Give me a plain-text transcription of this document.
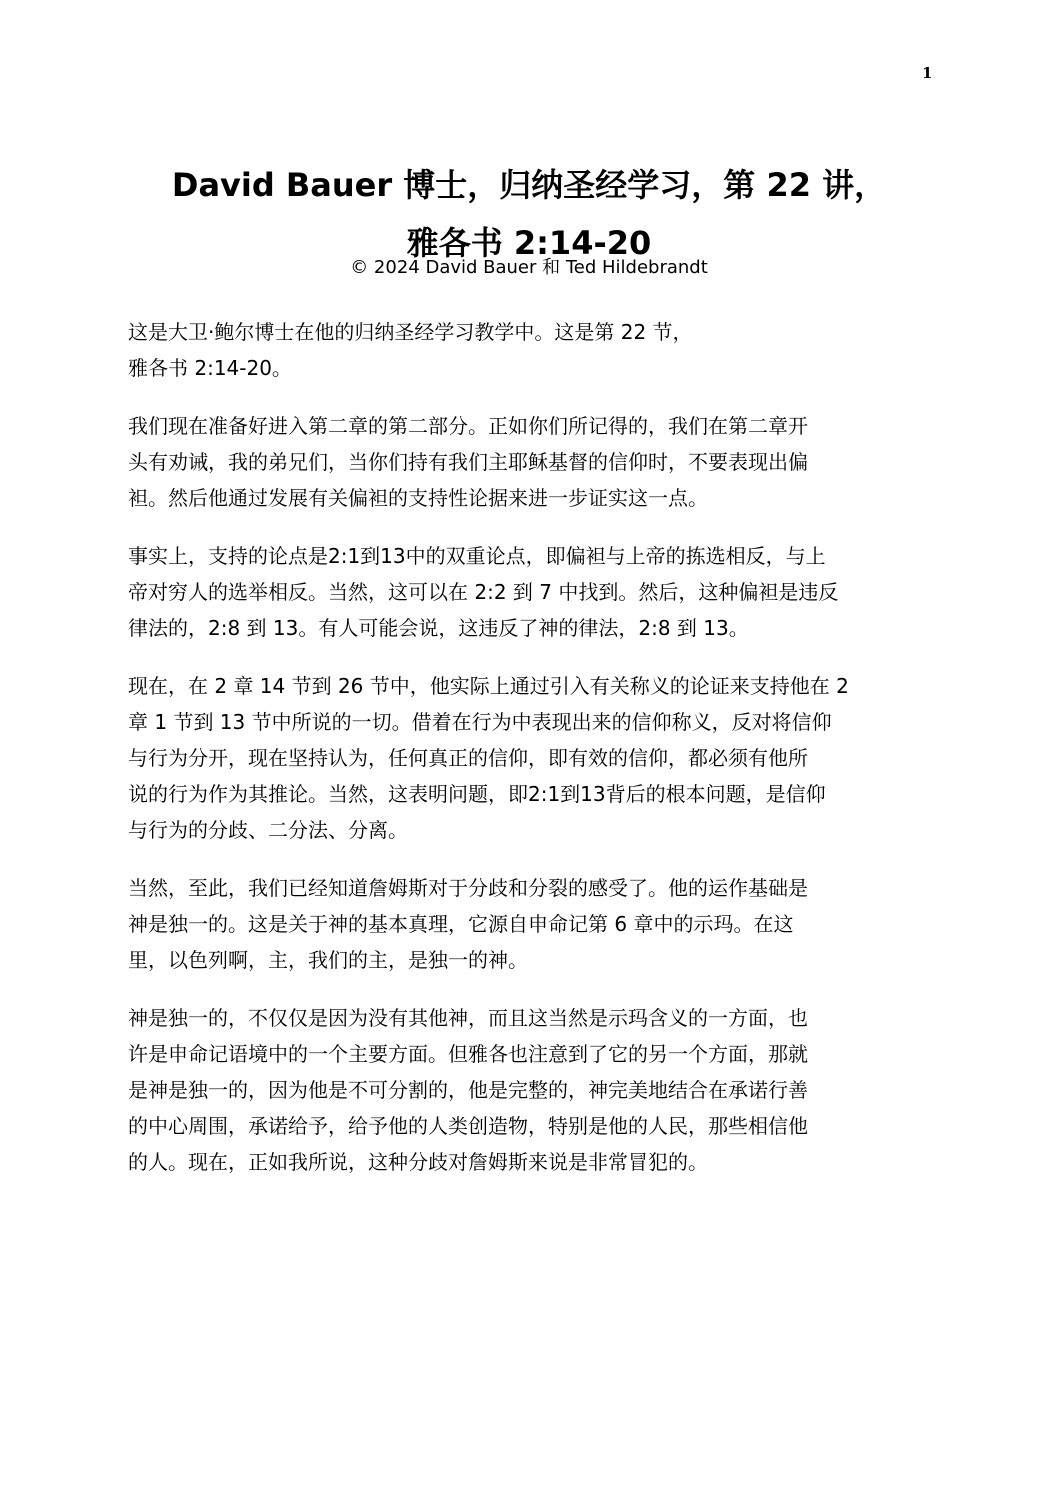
1
David Bauer 博士，归纳圣经学习，第 22 讲，
雅各书 2:14-20
© 2024 David Bauer 和 Ted Hildebrandt

这是大卫·鲍尔博士在他的归纳圣经学习教学中。这是第 22 节，
雅各书 2:14-20。

我们现在准备好进入第二章的第二部分。正如你们所记得的，我们在第二章开
头有劝诫，我的弟兄们，当你们持有我们主耶稣基督的信仰时，不要表现出偏
袒。然后他通过发展有关偏袒的支持性论据来进一步证实这一点。

事实上，支持的论点是2:1到13中的双重论点，即偏袒与上帝的拣选相反，与上
帝对穷人的选举相反。当然，这可以在 2:2 到 7 中找到。然后，这种偏袒是违反
律法的，2:8 到 13。有人可能会说，这违反了神的律法，2:8 到 13。

现在，在 2 章 14 节到 26 节中，他实际上通过引入有关称义的论证来支持他在 2
章 1 节到 13 节中所说的一切。借着在行为中表现出来的信仰称义，反对将信仰
与行为分开，现在坚持认为，任何真正的信仰，即有效的信仰，都必须有他所
说的行为作为其推论。当然，这表明问题，即2:1到13背后的根本问题，是信仰
与行为的分歧、二分法、分离。

当然，至此，我们已经知道詹姆斯对于分歧和分裂的感受了。他的运作基础是
神是独一的。这是关于神的基本真理，它源自申命记第 6 章中的示玛。在这
里，以色列啊，主，我们的主，是独一的神。

神是独一的，不仅仅是因为没有其他神，而且这当然是示玛含义的一方面，也
许是申命记语境中的一个主要方面。但雅各也注意到了它的另一个方面，那就
是神是独一的，因为他是不可分割的，他是完整的，神完美地结合在承诺行善
的中心周围，承诺给予，给予他的人类创造物，特别是他的人民，那些相信他
的人。现在，正如我所说，这种分歧对詹姆斯来说是非常冒犯的。
